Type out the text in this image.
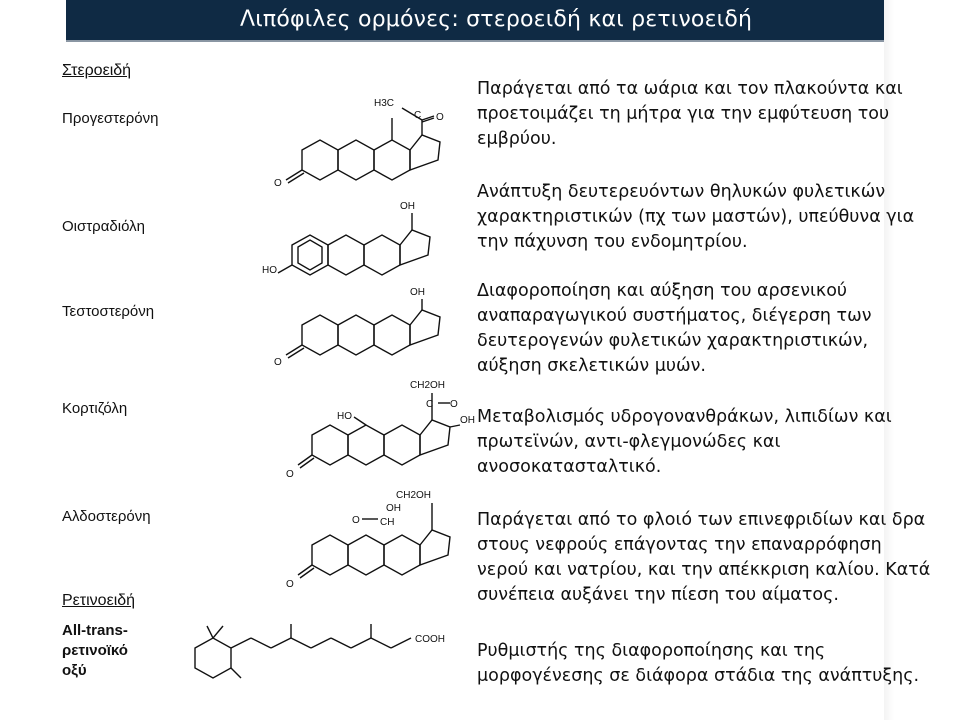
Λιπόφιλες ορμόνες: στεροειδή και ρετινοειδή
Στεροειδή
Προγεστερόνη
Οιστραδιόλη
Τεστοστερόνη
Κορτιζόλη
Αλδοστερόνη
Ρετινοειδή
All-trans-
ρετινοϊκό
οξύ
H3C
O
C
O
OH
HO
OH
O
HO
CH2OH
C O
OH
O
CH2OH
OH
O CH
O
COOH
Παράγεται από τα ωάρια και τον πλακούντα και
προετοιμάζει τη μήτρα για την εμφύτευση του
εμβρύου.
Ανάπτυξη δευτερευόντων θηλυκών φυλετικών
χαρακτηριστικών (πχ των μαστών), υπεύθυνα για
την πάχυνση του ενδομητρίου.
Διαφοροποίηση και αύξηση του αρσενικού
αναπαραγωγικού συστήματος, διέγερση των
δευτερογενών φυλετικών χαρακτηριστικών,
αύξηση σκελετικών μυών.
Μεταβολισμός υδρογονανθράκων, λιπιδίων και
πρωτεϊνών, αντι-φλεγμονώδες και
ανοσοκατασταλτικό.
Παράγεται από το φλοιό των επινεφριδίων και δρα
στους νεφρούς επάγοντας την επαναρρόφηση
νερού και νατρίου, και την απέκκριση καλίου. Κατά
συνέπεια αυξάνει την πίεση του αίματος.
Ρυθμιστής της διαφοροποίησης και της
μορφογένεσης σε διάφορα στάδια της ανάπτυξης.
